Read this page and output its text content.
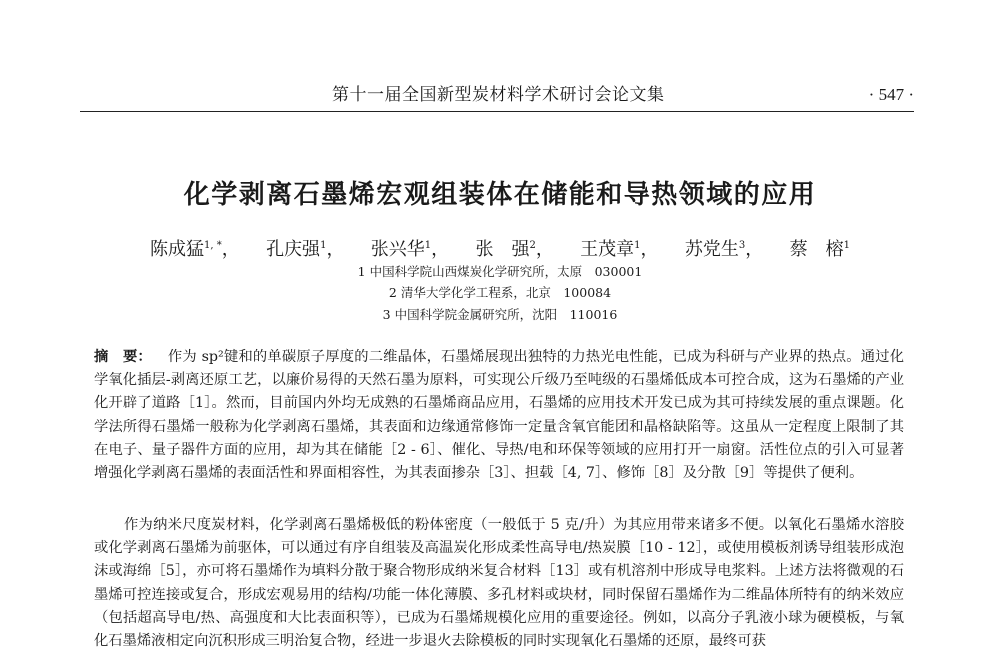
第十一届全国新型炭材料学术研讨会论文集	· 547 ·
化学剥离石墨烯宏观组装体在储能和导热领域的应用
陈成猛$^{1, *}$， 孔庆强$^1$， 张兴华$^1$， 张　强$^2$， 王茂章$^1$， 苏党生$^3$， 蔡　榕$^1$
1 中国科学院山西煤炭化学研究所，太原　030001
2 清华大学化学工程系，北京　100084
3 中国科学院金属研究所，沈阳　110016
摘　要： 作为 sp²键和的单碳原子厚度的二维晶体，石墨烯展现出独特的力热光电性能，已成为科研与产业界的热点。通过化学氧化插层-剥离还原工艺，以廉价易得的天然石墨为原料，可实现公斤级乃至吨级的石墨烯低成本可控合成，这为石墨烯的产业化开辟了道路［1］。然而，目前国内外均无成熟的石墨烯商品应用，石墨烯的应用技术开发已成为其可持续发展的重点课题。化学法所得石墨烯一般称为化学剥离石墨烯，其表面和边缘通常修饰一定量含氧官能团和晶格缺陷等。这虽从一定程度上限制了其在电子、量子器件方面的应用，却为其在储能［2 - 6］、催化、导热/电和环保等领域的应用打开一扇窗。活性位点的引入可显著增强化学剥离石墨烯的表面活性和界面相容性，为其表面掺杂［3］、担载［4, 7］、修饰［8］及分散［9］等提供了便利。
作为纳米尺度炭材料，化学剥离石墨烯极低的粉体密度（一般低于 5 克/升）为其应用带来诸多不便。以氧化石墨烯水溶胶或化学剥离石墨烯为前驱体，可以通过有序自组装及高温炭化形成柔性高导电/热炭膜［10 - 12］，或使用模板剂诱导组装形成泡沫或海绵［5］，亦可将石墨烯作为填料分散于聚合物形成纳米复合材料［13］或有机溶剂中形成导电浆料。上述方法将微观的石墨烯可控连接或复合，形成宏观易用的结构/功能一体化薄膜、多孔材料或块材，同时保留石墨烯作为二维晶体所特有的纳米效应（包括超高导电/热、高强度和大比表面积等），已成为石墨烯规模化应用的重要途径。例如，以高分子乳液小球为硬模板，与氧化石墨烯液相定向沉积形成三明治复合物，经进一步退火去除模板的同时实现氧化石墨烯的还原，最终可获
